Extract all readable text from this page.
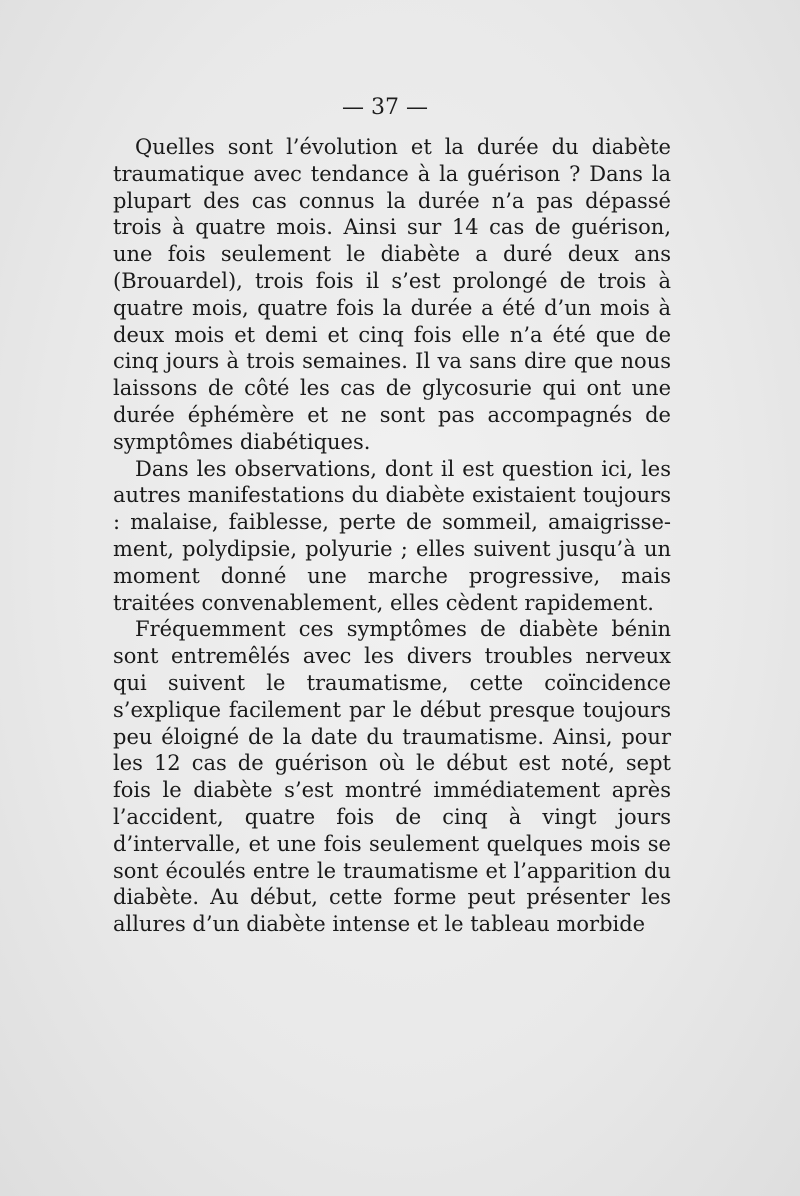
— 37 —

Quelles sont l’évolution et la durée du diabète traumatique avec tendance à la guérison ? Dans la plupart des cas connus la durée n’a pas dépassé trois à quatre mois. Ainsi sur 14 cas de guérison, une fois seulement le diabète a duré deux ans (Brouardel), trois fois il s’est prolongé de trois à quatre mois, quatre fois la durée a été d’un mois à deux mois et demi et cinq fois elle n’a été que de cinq jours à trois semaines. Il va sans dire que nous laissons de côté les cas de glycosurie qui ont une durée éphémère et ne sont pas accompagnés de symptômes diabétiques.

Dans les observations, dont il est question ici, les autres manifestations du diabète existaient toujours : malaise, faiblesse, perte de sommeil, amaigrissement, polydipsie, polyurie ; elles suivent jusqu’à un moment donné une marche progressive, mais traitées convenablement, elles cèdent rapidement.

Fréquemment ces symptômes de diabète bénin sont entremêlés avec les divers troubles nerveux qui suivent le traumatisme, cette coïncidence s’explique facilement par le début presque toujours peu éloigné de la date du traumatisme. Ainsi, pour les 12 cas de guérison où le début est noté, sept fois le diabète s’est montré immédiatement après l’accident, quatre fois de cinq à vingt jours d’intervalle, et une fois seulement quelques mois se sont écoulés entre le traumatisme et l’apparition du diabète. Au début, cette forme peut présenter les allures d’un diabète intense et le tableau morbide
